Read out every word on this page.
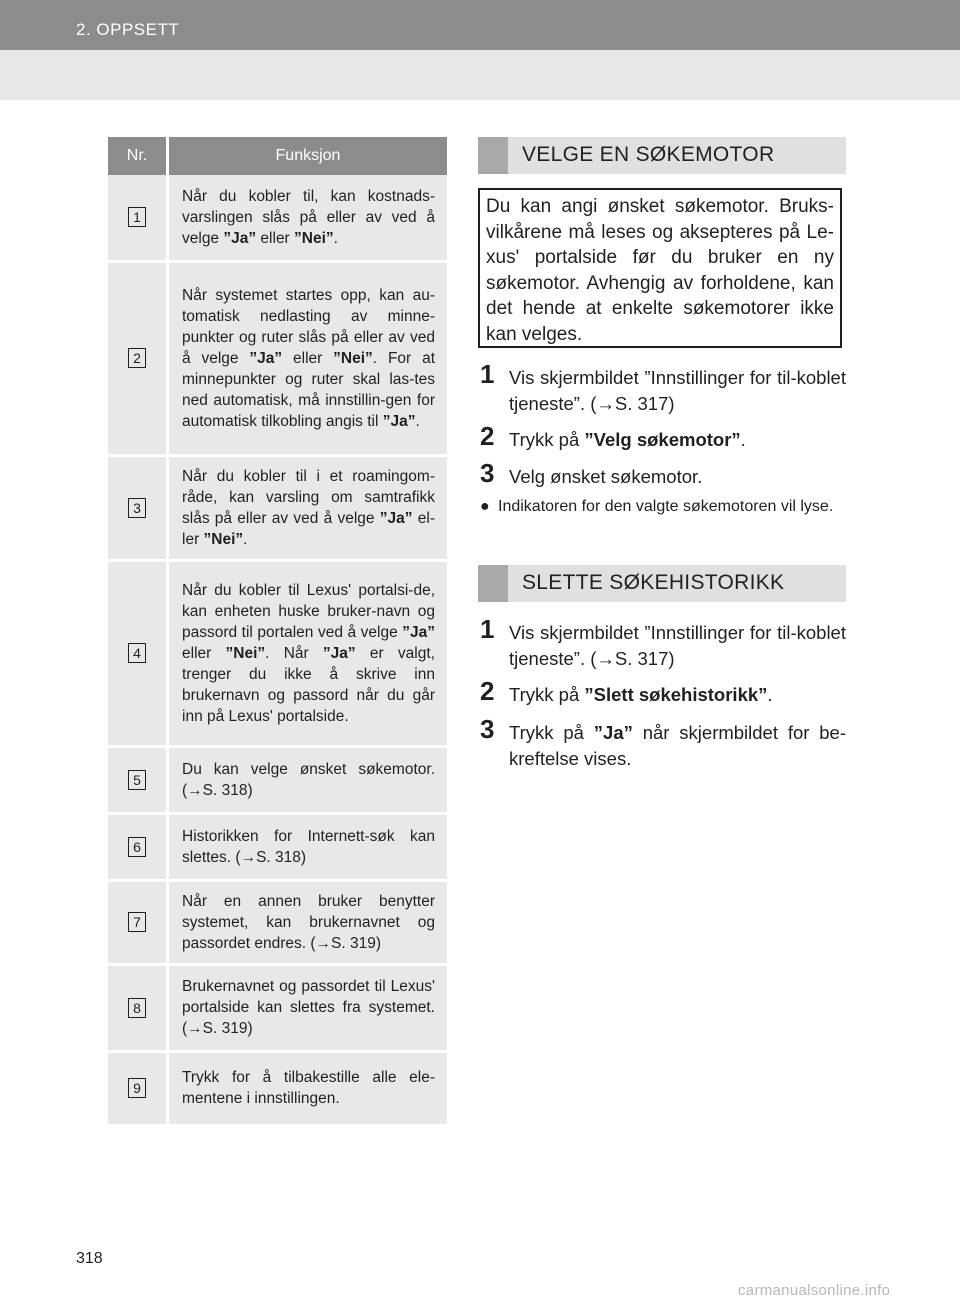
2. OPPSETT
Nr.	Funksjon
1	Når du kobler til, kan kostnads-varslingen slås på eller av ved å velge ”Ja” eller ”Nei”.
2	Når systemet startes opp, kan au-tomatisk nedlasting av minne-punkter og ruter slås på eller av ved å velge ”Ja” eller ”Nei”. For at minnepunkter og ruter skal las-tes ned automatisk, må innstillin-gen for automatisk tilkobling angis til ”Ja”.
3	Når du kobler til i et roamingom-råde, kan varsling om samtrafikk slås på eller av ved å velge ”Ja” el-ler ”Nei”.
4	Når du kobler til Lexus' portalsi-de, kan enheten huske bruker-navn og passord til portalen ved å velge ”Ja” eller ”Nei”. Når ”Ja” er valgt, trenger du ikke å skrive inn brukernavn og passord når du går inn på Lexus' portalside.
5	Du kan velge ønsket søkemotor. (→S. 318)
6	Historikken for Internett-søk kan slettes. (→S. 318)
7	Når en annen bruker benytter systemet, kan brukernavnet og passordet endres. (→S. 319)
8	Brukernavnet og passordet til Lexus' portalside kan slettes fra systemet. (→S. 319)
9	Trykk for å tilbakestille alle ele-mentene i innstillingen.
VELGE EN SØKEMOTOR
Du kan angi ønsket søkemotor. Bruks-vilkårene må leses og aksepteres på Le-xus' portalside før du bruker en ny søkemotor. Avhengig av forholdene, kan det hende at enkelte søkemotorer ikke kan velges.
1 Vis skjermbildet ”Innstillinger for til-koblet tjeneste”. (→S. 317)
2 Trykk på ”Velg søkemotor”.
3 Velg ønsket søkemotor.
● Indikatoren for den valgte søkemotoren vil lyse.
SLETTE SØKEHISTORIKK
1 Vis skjermbildet ”Innstillinger for til-koblet tjeneste”. (→S. 317)
2 Trykk på ”Slett søkehistorikk”.
3 Trykk på ”Ja” når skjermbildet for be-kreftelse vises.
318
carmanualsonline.info
